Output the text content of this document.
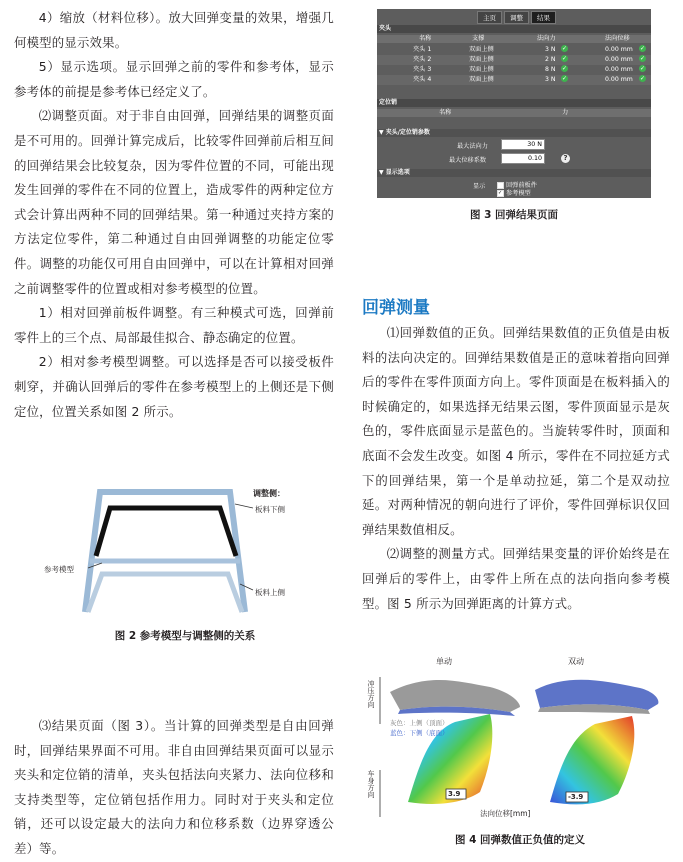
4）缩放（材料位移）。放大回弹变量的效果，增强几何模型的显示效果。

5）显示选项。显示回弹之前的零件和参考体，显示参考体的前提是参考体已经定义了。

⑵调整页面。对于非自由回弹，回弹结果的调整页面是不可用的。回弹计算完成后，比较零件回弹前后相互间的回弹结果会比较复杂，因为零件位置的不同，可能出现发生回弹的零件在不同的位置上，造成零件的两种定位方式会计算出两种不同的回弹结果。第一种通过夹持方案的方法定位零件，第二种通过自由回弹调整的功能定位零件。调整的功能仅可用自由回弹中，可以在计算相对回弹之前调整零件的位置或相对参考模型的位置。

1）相对回弹前板件调整。有三种模式可选，回弹前零件上的三个点、局部最佳拟合、静态确定的位置。

2）相对参考模型调整。可以选择是否可以接受板件刺穿，并确认回弹后的零件在参考模型上的上侧还是下侧定位，位置关系如图 2 所示。

调整侧：
板料下侧
参考模型
板料上侧
图 2 参考模型与调整侧的关系

⑶结果页面（图 3）。当计算的回弹类型是自由回弹时，回弹结果界面不可用。非自由回弹结果页面可以显示夹头和定位销的清单，夹头包括法向夹紧力、法向位移和支持类型等，定位销包括作用力。同时对于夹头和定位销，还可以设定最大的法向力和位移系数（边界穿透公差）等。

主页	调整	结果
夹头
名称	支撑	法向力	法向位移
夹头 1	双面上侧	3 N ✓	0.00 mm ✓
夹头 2	双面上侧	2 N ✓	0.00 mm ✓
夹头 3	双面上侧	8 N ✓	0.00 mm ✓
夹头 4	双面上侧	3 N ✓	0.00 mm ✓
定位销
名称	力
▼ 夹头/定位销参数
最大法向力	30 N
最大位移系数	0.10	?
▼ 显示选项
显示	回弹前板件
✓ 参考模型
图 3 回弹结果页面
回弹测量

⑴回弹数值的正负。回弹结果数值的正负值是由板料的法向决定的。回弹结果数值是正的意味着指向回弹后的零件在零件顶面方向上。零件顶面是在板料插入的时候确定的，如果选择无结果云图，零件顶面显示是灰色的，零件底面显示是蓝色的。当旋转零件时，顶面和底面不会发生改变。如图 4 所示，零件在不同拉延方式下的回弹结果，第一个是单动拉延，第二个是双动拉延。对两种情况的朝向进行了评价，零件回弹标识仅回弹结果数值相反。

⑵调整的测量方式。回弹结果变量的评价始终是在回弹后的零件上，由零件上所在点的法向指向参考模型。图 5 所示为回弹距离的计算方式。

单动	双动
冲压方向
灰色：上侧（顶面）
蓝色：下侧（底面）
车身方向	3.9	-3.9
法向位移[mm]
图 4 回弹数值正负值的定义
